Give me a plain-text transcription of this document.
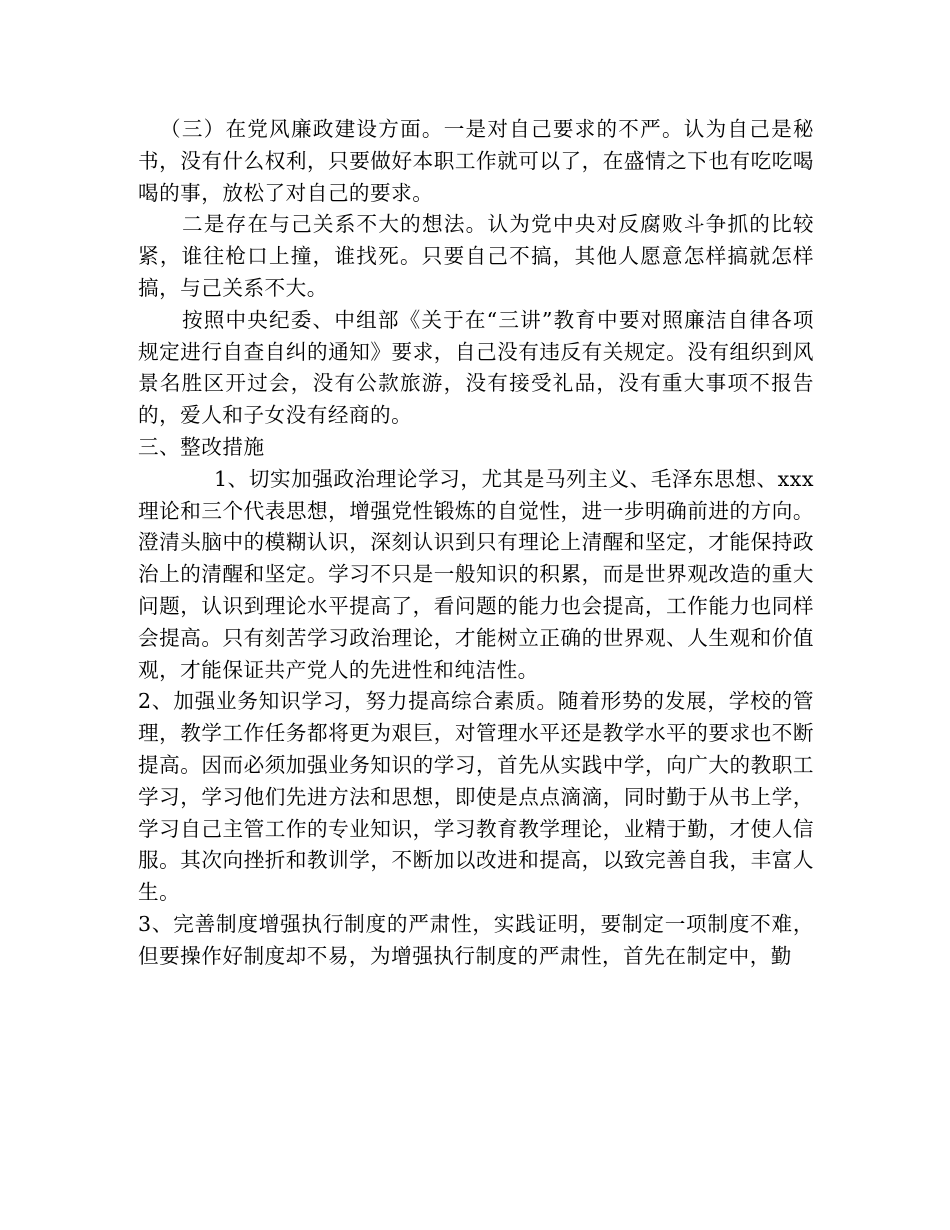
（三）在党风廉政建设方面。一是对自己要求的不严。认为自己是秘书，没有什么权利，只要做好本职工作就可以了，在盛情之下也有吃吃喝喝的事，放松了对自己的要求。

二是存在与己关系不大的想法。认为党中央对反腐败斗争抓的比较紧，谁往枪口上撞，谁找死。只要自己不搞，其他人愿意怎样搞就怎样搞，与己关系不大。

按照中央纪委、中组部《关于在“三讲”教育中要对照廉洁自律各项规定进行自查自纠的通知》要求，自己没有违反有关规定。没有组织到风景名胜区开过会，没有公款旅游，没有接受礼品，没有重大事项不报告的，爱人和子女没有经商的。

三、整改措施

1、切实加强政治理论学习，尤其是马列主义、毛泽东思想、xxx理论和三个代表思想，增强党性锻炼的自觉性，进一步明确前进的方向。澄清头脑中的模糊认识，深刻认识到只有理论上清醒和坚定，才能保持政治上的清醒和坚定。学习不只是一般知识的积累，而是世界观改造的重大问题，认识到理论水平提高了，看问题的能力也会提高，工作能力也同样会提高。只有刻苦学习政治理论，才能树立正确的世界观、人生观和价值观，才能保证共产党人的先进性和纯洁性。

2、加强业务知识学习，努力提高综合素质。随着形势的发展，学校的管理，教学工作任务都将更为艰巨，对管理水平还是教学水平的要求也不断提高。因而必须加强业务知识的学习，首先从实践中学，向广大的教职工学习，学习他们先进方法和思想，即使是点点滴滴，同时勤于从书上学，学习自己主管工作的专业知识，学习教育教学理论，业精于勤，才使人信服。其次向挫折和教训学，不断加以改进和提高，以致完善自我，丰富人生。

3、完善制度增强执行制度的严肃性，实践证明，要制定一项制度不难，但要操作好制度却不易，为增强执行制度的严肃性，首先在制定中，勤
